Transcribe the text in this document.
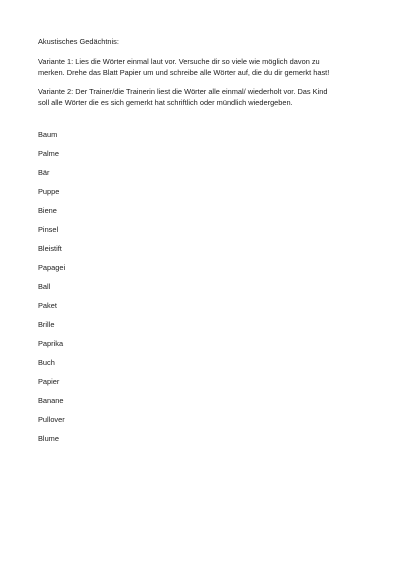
Akustisches Gedächtnis:
Variante 1: Lies die Wörter einmal laut vor. Versuche dir so viele wie möglich davon zu
merken. Drehe das Blatt Papier um und schreibe alle Wörter auf, die du dir gemerkt hast!
Variante 2: Der Trainer/die Trainerin liest die Wörter alle einmal/ wiederholt vor. Das Kind
soll alle Wörter die es sich gemerkt hat schriftlich oder mündlich wiedergeben.
Baum
Palme
Bär
Puppe
Biene
Pinsel
Bleistift
Papagei
Ball
Paket
Brille
Paprika
Buch
Papier
Banane
Pullover
Blume
